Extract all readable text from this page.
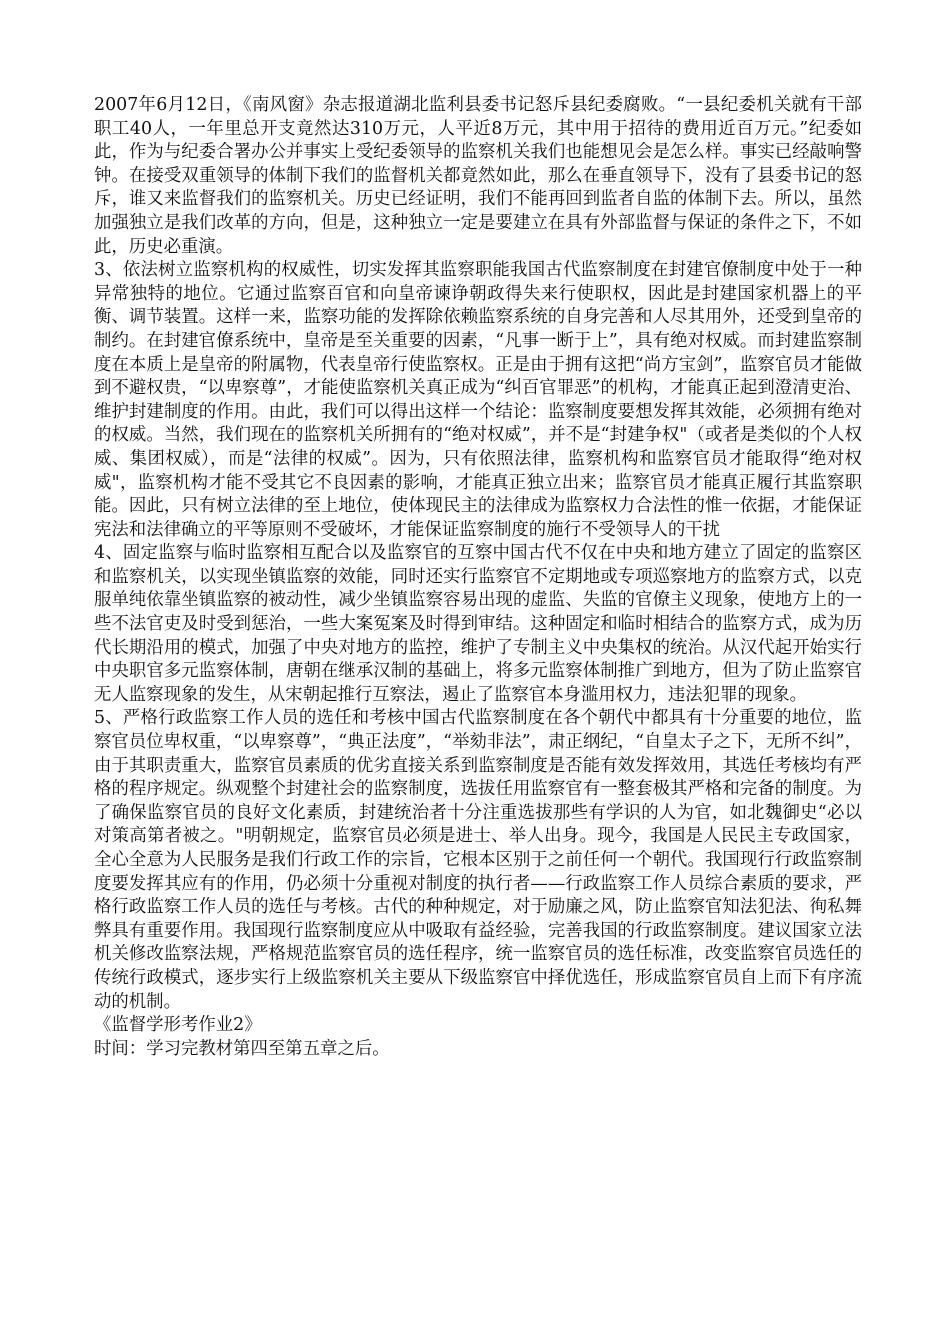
2007年6月12日，《南风窗》杂志报道湖北监利县委书记怒斥县纪委腐败。“一县纪委机关就有干部职工40人，一年里总开支竟然达310万元，人平近8万元，其中用于招待的费用近百万元。”纪委如此，作为与纪委合署办公并事实上受纪委领导的监察机关我们也能想见会是怎么样。事实已经敲响警钟。在接受双重领导的体制下我们的监督机关都竟然如此，那么在垂直领导下，没有了县委书记的怒斥，谁又来监督我们的监察机关。历史已经证明，我们不能再回到监者自监的体制下去。所以，虽然加强独立是我们改革的方向，但是，这种独立一定是要建立在具有外部监督与保证的条件之下，不如此，历史必重演。

3、依法树立监察机构的权威性，切实发挥其监察职能我国古代监察制度在封建官僚制度中处于一种异常独特的地位。它通过监察百官和向皇帝谏诤朝政得失来行使职权，因此是封建国家机器上的平衡、调节装置。这样一来，监察功能的发挥除依赖监察系统的自身完善和人尽其用外，还受到皇帝的制约。在封建官僚系统中，皇帝是至关重要的因素，“凡事一断于上”，具有绝对权威。而封建监察制度在本质上是皇帝的附属物，代表皇帝行使监察权。正是由于拥有这把“尚方宝剑”，监察官员才能做到不避权贵，“以卑察尊”，才能使监察机关真正成为“纠百官罪恶”的机构，才能真正起到澄清吏治、维护封建制度的作用。由此，我们可以得出这样一个结论：监察制度要想发挥其效能，必须拥有绝对的权威。当然，我们现在的监察机关所拥有的“绝对权威”，并不是“封建争权"（或者是类似的个人权威、集团权威），而是“法律的权威”。因为，只有依照法律，监察机构和监察官员才能取得“绝对权威"，监察机构才能不受其它不良因素的影响，才能真正独立出来；监察官员才能真正履行其监察职能。因此，只有树立法律的至上地位，使体现民主的法律成为监察权力合法性的惟一依据，才能保证宪法和法律确立的平等原则不受破坏，才能保证监察制度的施行不受领导人的干扰

4、固定监察与临时监察相互配合以及监察官的互察中国古代不仅在中央和地方建立了固定的监察区和监察机关，以实现坐镇监察的效能，同时还实行监察官不定期地或专项巡察地方的监察方式，以克服单纯依靠坐镇监察的被动性，减少坐镇监察容易出现的虚监、失监的官僚主义现象，使地方上的一些不法官吏及时受到惩治，一些大案冤案及时得到审结。这种固定和临时相结合的监察方式，成为历代长期沿用的模式，加强了中央对地方的监控，维护了专制主义中央集权的统治。从汉代起开始实行中央职官多元监察体制，唐朝在继承汉制的基础上，将多元监察体制推广到地方，但为了防止监察官无人监察现象的发生，从宋朝起推行互察法，遏止了监察官本身滥用权力，违法犯罪的现象。

5、严格行政监察工作人员的选任和考核中国古代监察制度在各个朝代中都具有十分重要的地位，监察官员位卑权重，“以卑察尊”，“典正法度”，“举劾非法”，肃正纲纪，“自皇太子之下，无所不纠”，由于其职责重大，监察官员素质的优劣直接关系到监察制度是否能有效发挥效用，其选任考核均有严格的程序规定。纵观整个封建社会的监察制度，选拔任用监察官有一整套极其严格和完备的制度。为了确保监察官员的良好文化素质，封建统治者十分注重选拔那些有学识的人为官，如北魏御史“必以对策高第者被之。"明朝规定，监察官员必须是进士、举人出身。现今，我国是人民民主专政国家，全心全意为人民服务是我们行政工作的宗旨，它根本区别于之前任何一个朝代。我国现行行政监察制度要发挥其应有的作用，仍必须十分重视对制度的执行者——行政监察工作人员综合素质的要求，严格行政监察工作人员的选任与考核。古代的种种规定，对于励廉之风，防止监察官知法犯法、徇私舞弊具有重要作用。我国现行监察制度应从中吸取有益经验，完善我国的行政监察制度。建议国家立法机关修改监察法规，严格规范监察官员的选任程序，统一监察官员的选任标准，改变监察官员选任的传统行政模式，逐步实行上级监察机关主要从下级监察官中择优选任，形成监察官员自上而下有序流动的机制。

《监督学形考作业2》

时间：学习完教材第四至第五章之后。
